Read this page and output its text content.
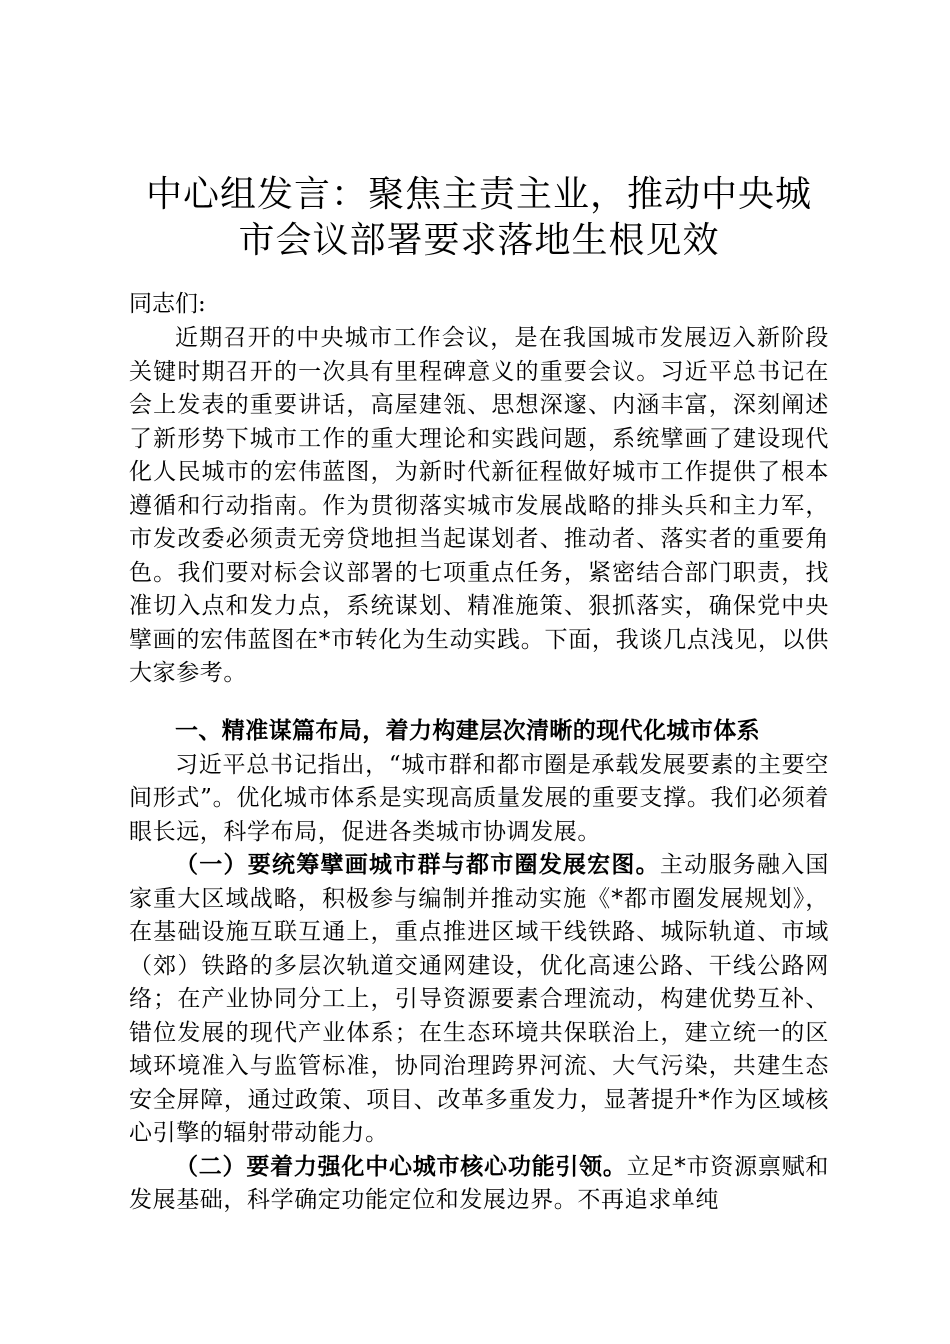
中心组发言：聚焦主责主业，推动中央城市会议部署要求落地生根见效
同志们:

近期召开的中央城市工作会议，是在我国城市发展迈入新阶段关键时期召开的一次具有里程碑意义的重要会议。习近平总书记在会上发表的重要讲话，高屋建瓴、思想深邃、内涵丰富，深刻阐述了新形势下城市工作的重大理论和实践问题，系统擘画了建设现代化人民城市的宏伟蓝图，为新时代新征程做好城市工作提供了根本遵循和行动指南。作为贯彻落实城市发展战略的排头兵和主力军，市发改委必须责无旁贷地担当起谋划者、推动者、落实者的重要角色。我们要对标会议部署的七项重点任务，紧密结合部门职责，找准切入点和发力点，系统谋划、精准施策、狠抓落实，确保党中央擘画的宏伟蓝图在*市转化为生动实践。下面，我谈几点浅见，以供大家参考。

一、精准谋篇布局，着力构建层次清晰的现代化城市体系

习近平总书记指出，“城市群和都市圈是承载发展要素的主要空间形式”。优化城市体系是实现高质量发展的重要支撑。我们必须着眼长远，科学布局，促进各类城市协调发展。

（一）要统筹擘画城市群与都市圈发展宏图。主动服务融入国家重大区域战略，积极参与编制并推动实施《*都市圈发展规划》，在基础设施互联互通上，重点推进区域干线铁路、城际轨道、市域（郊）铁路的多层次轨道交通网建设，优化高速公路、干线公路网络；在产业协同分工上，引导资源要素合理流动，构建优势互补、错位发展的现代产业体系；在生态环境共保联治上，建立统一的区域环境准入与监管标准，协同治理跨界河流、大气污染，共建生态安全屏障，通过政策、项目、改革多重发力，显著提升*作为区域核心引擎的辐射带动能力。

（二）要着力强化中心城市核心功能引领。立足*市资源禀赋和发展基础，科学确定功能定位和发展边界。不再追求单纯
